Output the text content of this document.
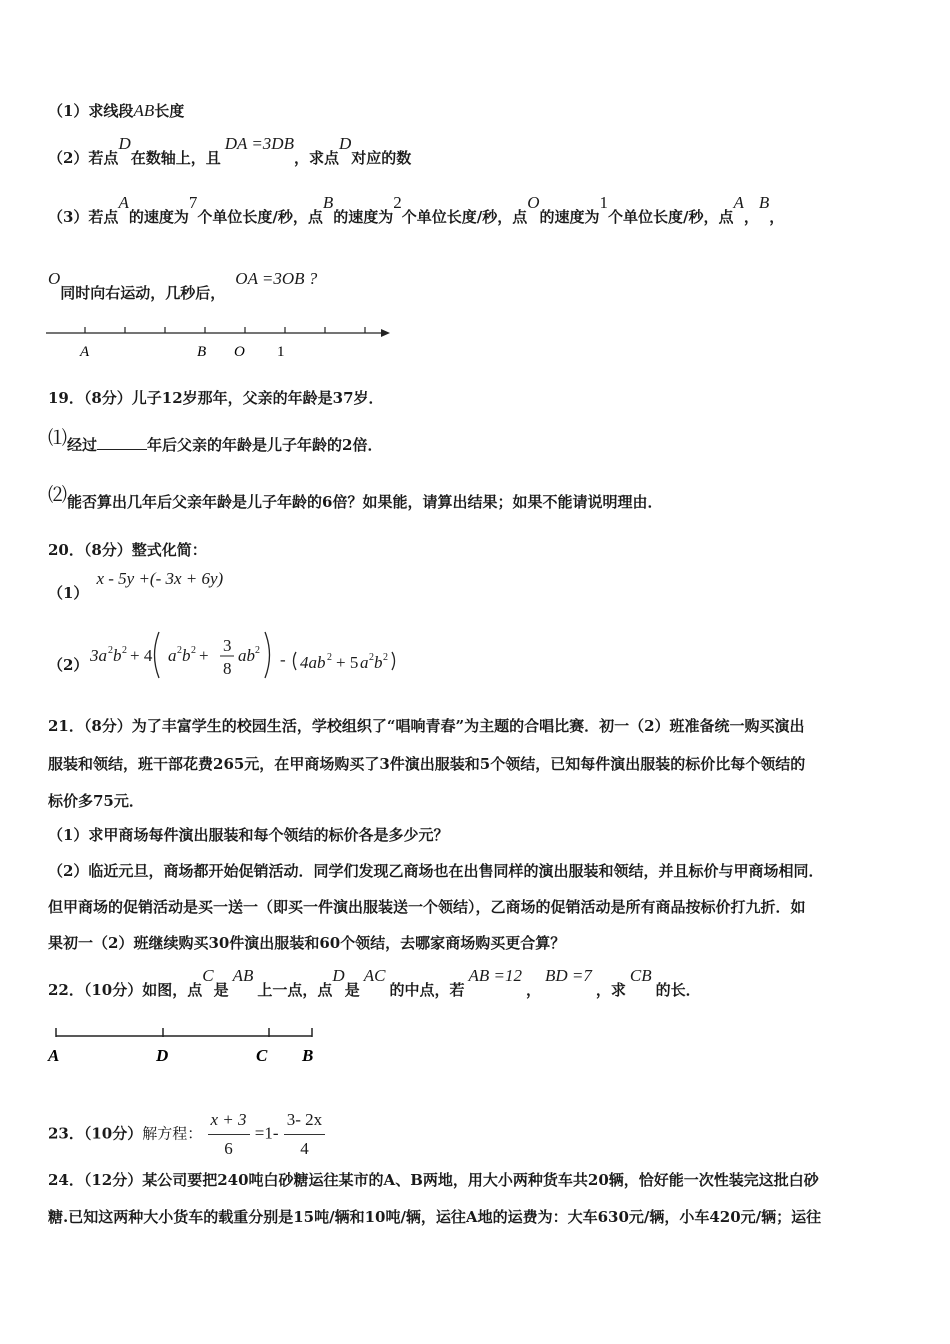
（1）求线段AB长度
（2）若点D在数轴上，且DA =3DB，求点D对应的数
（3）若点A的速度为7个单位长度/秒，点B的速度为2个单位长度/秒，点O的速度为1个单位长度/秒，点A，B，
O同时向右运动，几秒后，OA =3OB ?
A	B O 1
19．（8分）儿子12岁那年，父亲的年龄是37岁．
⑴经过	年后父亲的年龄是儿子年龄的2倍．
⑵能否算出几年后父亲年龄是儿子年龄的6倍？如果能，请算出结果；如果不能请说明理由．
20．（8分）整式化简：
（1）x - 5y +(- 3x + 6y)
（2） 3a 2 b 2 + 4 a 2 b 2 +
3
8
ab 2 - 4ab 2 + 5 a 2 b 2
21．（8分）为了丰富学生的校园生活，学校组织了“唱响青春”为主题的合唱比赛．初一（2）班准备统一购买演出
服装和领结，班干部花费265元，在甲商场购买了3件演出服装和5个领结，已知每件演出服装的标价比每个领结的
标价多75元．
（1）求甲商场每件演出服装和每个领结的标价各是多少元？
（2）临近元旦，商场都开始促销活动．同学们发现乙商场也在出售同样的演出服装和领结，并且标价与甲商场相同．
但甲商场的促销活动是买一送一（即买一件演出服装送一个领结），乙商场的促销活动是所有商品按标价打九折．如
果初一（2）班继续购买30件演出服装和60个领结，去哪家商场购买更合算？
22．（10分）如图，点C是AB上一点，点D是AC的中点，若AB =12，BD =7，求CB的长．
A	D	C B
23．（10分）解方程： $\frac{x + 3}{6} =1- \frac{3- 2x}{4}$
24．（12分）某公司要把240吨白砂糖运往某市的A、B两地，用大小两种货车共20辆，恰好能一次性装完这批白砂
糖.已知这两种大小货车的载重分别是15吨/辆和10吨/辆，运往A地的运费为：大车630元/辆，小车420元/辆；运往
